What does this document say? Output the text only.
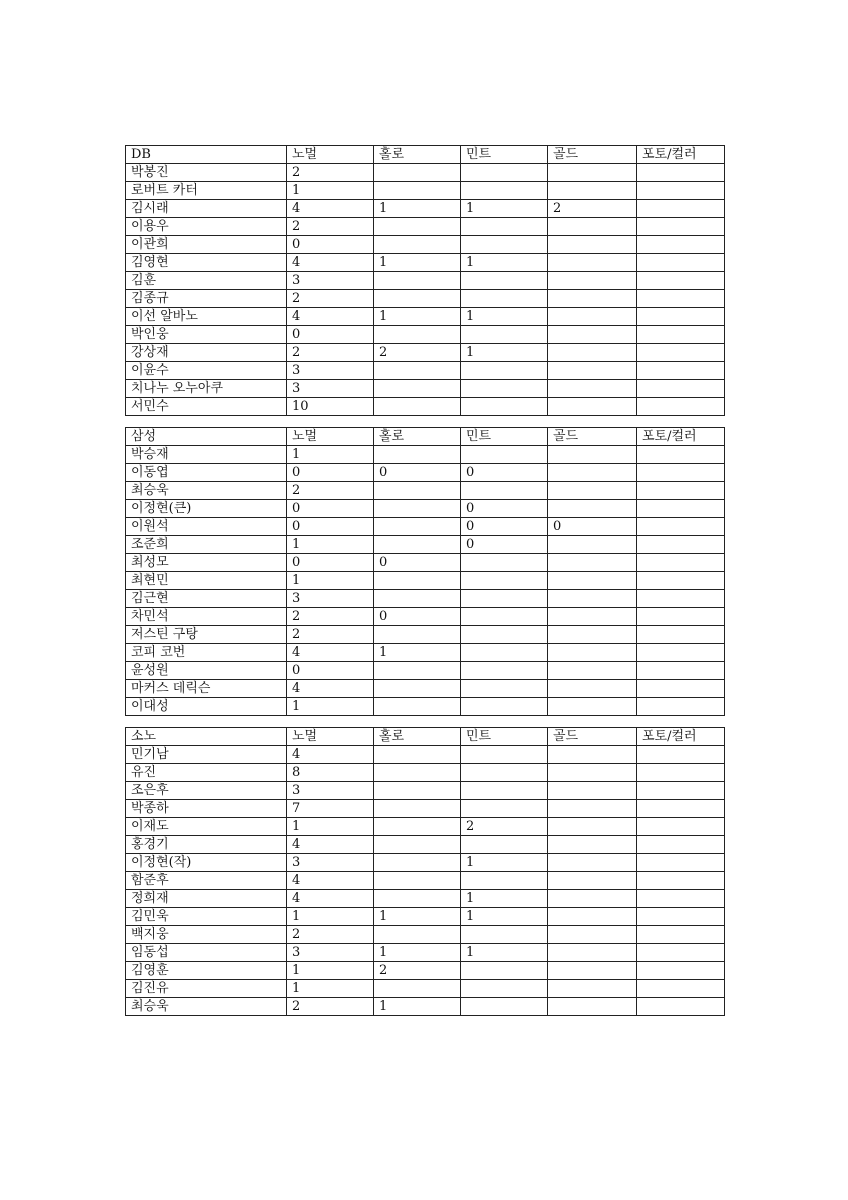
DB	노멀	홀로	민트	골드	포토/컬러
박봉진	2				
로버트 카터	1				
김시래	4	1	1	2	
이용우	2				
이관희	0				
김영현	4	1	1		
김훈	3				
김종규	2				
이선 알바노	4	1	1		
박인웅	0				
강상재	2	2	1		
이윤수	3				
치나누 오누아쿠	3				
서민수	10				
삼성	노멀	홀로	민트	골드	포토/컬러
박승재	1				
이동엽	0	0	0		
최승욱	2				
이정현(큰)	0		0		
이원석	0		0	0	
조준희	1		0		
최성모	0	0			
최현민	1				
김근현	3				
차민석	2	0			
저스틴 구탕	2				
코피 코번	4	1			
윤성원	0				
마커스 데릭슨	4				
이대성	1				
소노	노멀	홀로	민트	골드	포토/컬러
민기남	4				
유진	8				
조은후	3				
박종하	7				
이재도	1		2		
홍경기	4				
이정현(작)	3		1		
함준후	4				
정희재	4		1		
김민욱	1	1	1		
백지웅	2				
임동섭	3	1	1		
김영훈	1	2			
김진유	1				
최승욱	2	1			
